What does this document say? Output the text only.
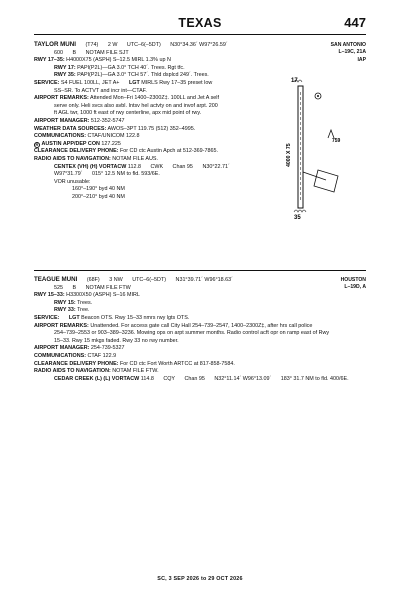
TEXAS	447
SAN ANTONIO
L–19C, 21A
IAP
TAYLOR MUNI (T74) 2 W UTC–6(–5DT) N30°34.36´ W97°26.59´
600 B NOTAM FILE SJT
RWY 17–35: H4000X75 (ASPH) S–12.5 MIRL 1.3% up N
RWY 17: PAPI(P2L)—GA 3.0° TCH 40´. Trees. Rgt tfc.
RWY 35: PAPI(P2L)—GA 3.0° TCH 57´. Thld dsplcd 249´. Trees.
SERVICE: S4 FUEL 100LL, JET A+ LGT MIRLS Rwy 17–35 preset low
SS–SR. To ACTVT and incr int—CTAF.
AIRPORT REMARKS: Attended Mon–Fri 1400–2300Z‡. 100LL and Jet A self
serve only. Heli svcs also avbl. Intsv hel actvty on and invof arpt. 200
ft AGL twr, 1000 ft east of rwy centerline, apx mid point of rwy.
AIRPORT MANAGER: 512-352-5747
WEATHER DATA SOURCES: AWOS–3PT 119.75 (512) 352–4995.
COMMUNICATIONS: CTAF/UNICOM 122.8
R AUSTIN APP/DEP CON 127.225
CLEARANCE DELIVERY PHONE: For CD ctc Austin Apch at 512-369-7865.
RADIO AIDS TO NAVIGATION: NOTAM FILE AUS.
CENTEX (VH) (H) VORTACW 112.8 CWK Chan 95 N30°22.71´
W97°31.79´ 015° 12.5 NM to fld. 593/6E.
VOR unusable:
160°–190° byd 40 NM
200°–210° byd 40 NM
17
35
4000 X 75
759
HOUSTON
L–19D, A
TEAGUE MUNI (68F) 3 NW UTC–6(–5DT) N31°39.71´ W96°18.63´
525 B NOTAM FILE FTW
RWY 15–33: H3300X50 (ASPH) S–16 MIRL
RWY 15: Trees.
RWY 33: Tree.
SERVICE: LGT Beacon OTS. Rwy 15–33 nmrs rwy lgts OTS.
AIRPORT REMARKS: Unattended. For access gate call City Hall 254–739–2547, 1400–2300Z‡, after hrs call police
254–739–2553 or 903–389–3236. Mowing ops on arpt summer months. Radio control acft opr on ramp east of Rwy
15–33. Rwy 15 mkgs faded. Rwy 33 no rwy number.
AIRPORT MANAGER: 254-739-5327
COMMUNICATIONS: CTAF 122.9
CLEARANCE DELIVERY PHONE: For CD ctc Fort Worth ARTCC at 817-858-7584.
RADIO AIDS TO NAVIGATION: NOTAM FILE FTW.
CEDAR CREEK (L) (L) VORTACW 114.8 CQY Chan 95 N32°11.14´ W96°13.09´ 183° 31.7 NM to fld. 400/6E.
SC, 3 SEP 2026 to 29 OCT 2026
